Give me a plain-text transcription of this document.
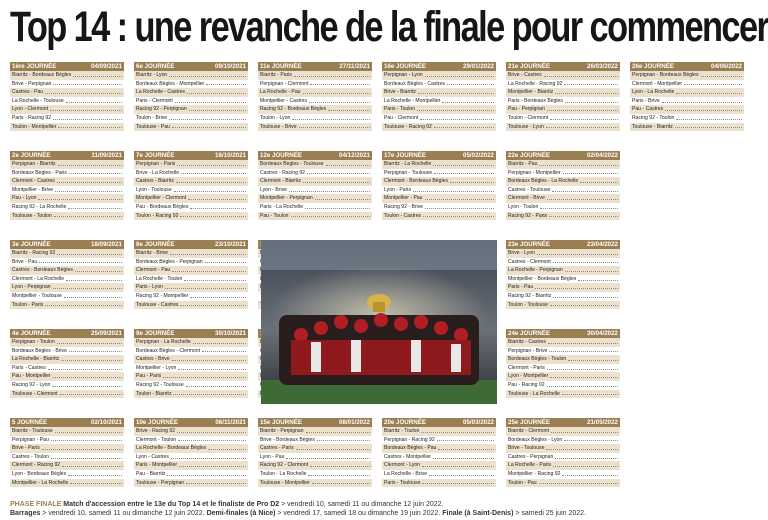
Top 14 : une revanche de la finale pour commencer
1ère JOURNÉE	04/09/2021
Biarritz - Bordeaux Bègles
Brive - Perpignan
Castres - Pau
La Rochelle - Toulouse
Lyon - Clermont
Paris - Racing 92
Toulon - Montpellier
2e JOURNÉE	11/09/2021
Perpignan - Biarritz
Bordeaux Bègles - Paris
Clermont - Castres
Montpellier - Brive
Pau - Lyon
Racing 92 - La Rochelle
Toulouse - Toulon
3e JOURNÉE	18/09/2021
Biarritz - Racing 92
Brive - Pau
Castres - Bordeaux Bègles
Clermont - La Rochelle
Lyon - Perpignan
Montpellier - Toulouse
Toulon - Paris
4e JOURNÉE	25/09/2021
Perpignan - Toulon
Bordeaux Bègles - Brive
La Rochelle - Biarritz
Paris - Castres
Pau - Montpellier
Racing 92 - Lyon
Toulouse - Clermont
5 JOURNÉE	02/10/2021
Biarritz - Toulouse
Perpignan - Pau
Brive - Paris
Castres - Toulon
Clermont - Racing 92
Lyon - Bordeaux Bègles
Montpellier - La Rochelle
6e JOURNÉE	09/10/2021
Biarritz - Lyon
Bordeaux Bègles - Montpellier
La Rochelle - Castres
Paris - Clermont
Racing 92 - Perpignan
Toulon - Brive
Toulouse - Pau
7e JOURNÉE	16/10/2021
Perpignan - Paris
Brive - La Rochelle
Castres - Biarritz
Lyon - Toulouse
Montpellier - Clermont
Pau - Bordeaux Bègles
Toulon - Racing 92
8e JOURNÉE	23/10/2021
Biarritz - Brive
Bordeaux Bègles - Perpignan
Clermont - Pau
La Rochelle - Toulon
Paris - Lyon
Racing 92 - Montpellier
Toulouse - Castres
9e JOURNÉE	30/10/2021
Perpignan - La Rochelle
Bordeaux Bègles - Clermont
Castres - Brive
Montpellier - Lyon
Pau - Paris
Racing 92 - Toulouse
Toulon - Biarritz
10e JOURNÉE	06/11/2021
Brive - Racing 92
Clermont - Toulon
La Rochelle - Bordeaux Bègles
Lyon - Castres
Paris - Montpellier
Pau - Biarritz
Toulouse - Perpignan
11e JOURNÉE	27/11/2021
Biarritz - Paris
Perpignan - Clermont
La Rochelle - Pau
Montpellier - Castres
Racing 92 - Bordeaux Bègles
Toulon - Lyon
Toulouse - Brive
12e JOURNÉE	04/12/2021
Bordeaux Bègles - Toulouse
Castres - Racing 92
Clermont - Biarritz
Lyon - Brive
Montpellier - Perpignan
Paris - La Rochelle
Pau - Toulon
15e JOURNÉE	08/01/2022
Biarritz - Perpignan
Brive - Bordeaux Bègles
Castres - Paris
Lyon - Pau
Racing 92 - Clermont
Toulon - La Rochelle
Toulouse - Montpellier
16e JOURNÉE	29/01/2022
Perpignan - Lyon
Bordeaux Bègles - Castres
Brive - Biarritz
La Rochelle - Montpellier
Paris - Toulon
Pau - Clermont
Toulouse - Racing 92
17e JOURNÉE	05/02/2022
Biarritz - La Rochelle
Perpignan - Toulouse
Clermont - Bordeaux Bègles
Lyon - Paris
Montpellier - Pau
Racing 92 - Brive
Toulon - Castres
20e JOURNÉE	05/03/2022
Biarritz - Toulon
Perpignan - Racing 92
Bordeaux Bègles - Pau
Castres - Montpellier
Clermont - Lyon
La Rochelle - Brive
Paris - Toulouse
21e JOURNÉE	26/03/2022
Brive - Castres
La Rochelle - Racing 92
Montpellier - Biarritz
Paris - Bordeaux Bègles
Pau - Perpignan
Toulon - Clermont
Toulouse - Lyon
22e JOURNÉE	02/04/2022
Biarritz - Pau
Perpignan - Montpellier
Bordeaux Bègles - La Rochelle
Castres - Toulouse
Clermont - Brive
Lyon - Toulon
Racing 92 - Paris
23e JOURNÉE	23/04/2022
Brive - Lyon
Castres - Clermont
La Rochelle - Perpignan
Montpellier - Bordeaux Bègles
Paris - Pau
Racing 92 - Biarritz
Toulon - Toulouse
24e JOURNÉE	30/04/2022
Biarritz - Castres
Perpignan - Brive
Bordeaux Bègles - Toulon
Clermont - Paris
Lyon - Montpellier
Pau - Racing 92
Toulouse - La Rochelle
25e JOURNÉE	21/05/2022
Biarritz - Clermont
Bordeaux Bègles - Lyon
Brive - Toulouse
Castres - Perpignan
La Rochelle - Paris
Montpellier - Racing 92
Toulon - Pau
26e JOURNÉE	04/06/2022
Perpignan - Bordeaux Bègles
Clermont - Montpellier
Lyon - La Rochelle
Paris - Brive
Pau - Castres
Racing 92 - Toulon
Toulouse - Biarritz
PHASE FINALE Match d'accession entre le 13e du Top 14 et le finaliste de Pro D2 > vendredi 10, samedi 11 ou dimanche 12 juin 2022.
Barrages > vendredi 10, samedi 11 ou dimanche 12 juin 2022. Demi-finales (à Nice) > vendredi 17, samedi 18 ou dimanche 19 juin 2022. Finale (à Saint-Denis) > samedi 25 juin 2022.
